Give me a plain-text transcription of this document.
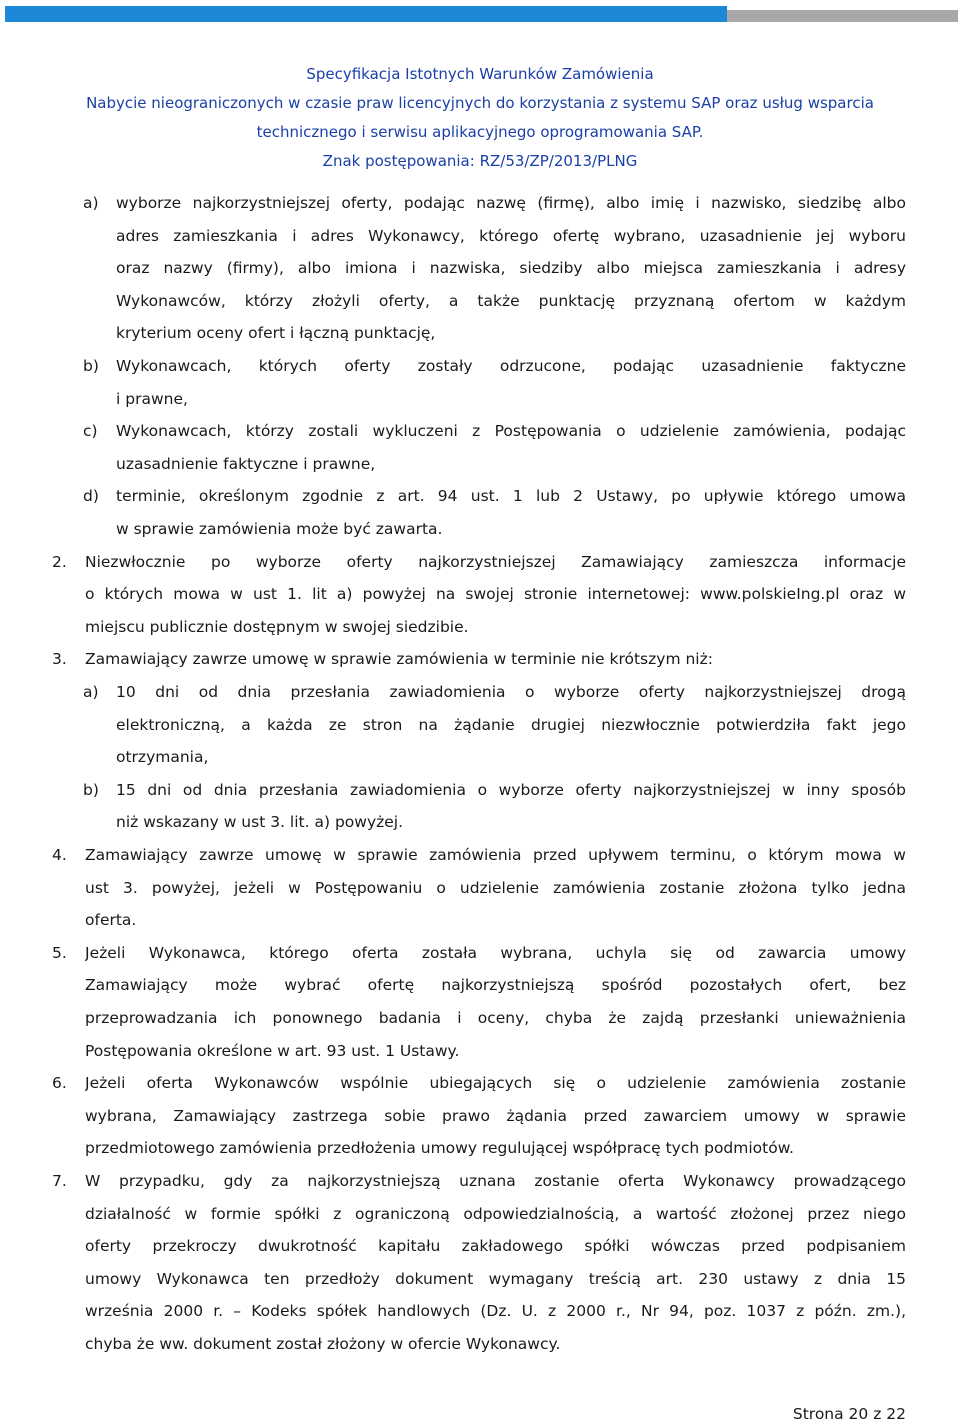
Specyfikacja Istotnych Warunków Zamówienia
Nabycie nieograniczonych w czasie praw licencyjnych do korzystania z systemu SAP oraz usług wsparcia
technicznego i serwisu aplikacyjnego oprogramowania SAP.
Znak postępowania: RZ/53/ZP/2013/PLNG
a) wyborze najkorzystniejszej oferty, podając nazwę (firmę), albo imię i nazwisko, siedzibę albo
adres zamieszkania i adres Wykonawcy, którego ofertę wybrano, uzasadnienie jej wyboru
oraz nazwy (firmy), albo imiona i nazwiska, siedziby albo miejsca zamieszkania i adresy
Wykonawców, którzy złożyli oferty, a także punktację przyznaną ofertom w każdym
kryterium oceny ofert i łączną punktację,
b) Wykonawcach, których oferty zostały odrzucone, podając uzasadnienie faktyczne
i prawne,
c) Wykonawcach, którzy zostali wykluczeni z Postępowania o udzielenie zamówienia, podając
uzasadnienie faktyczne i prawne,
d) terminie, określonym zgodnie z art. 94 ust. 1 lub 2 Ustawy, po upływie którego umowa
w sprawie zamówienia może być zawarta.
2. Niezwłocznie po wyborze oferty najkorzystniejszej Zamawiający zamieszcza informacje
o których mowa w ust 1. lit a) powyżej na swojej stronie internetowej: www.polskieIng.pl oraz w
miejscu publicznie dostępnym w swojej siedzibie.
3. Zamawiający zawrze umowę w sprawie zamówienia w terminie nie krótszym niż:
a) 10 dni od dnia przesłania zawiadomienia o wyborze oferty najkorzystniejszej drogą
elektroniczną, a każda ze stron na żądanie drugiej niezwłocznie potwierdziła fakt jego
otrzymania,
b) 15 dni od dnia przesłania zawiadomienia o wyborze oferty najkorzystniejszej w inny sposób
niż wskazany w ust 3. lit. a) powyżej.
4. Zamawiający zawrze umowę w sprawie zamówienia przed upływem terminu, o którym mowa w
ust 3. powyżej, jeżeli w Postępowaniu o udzielenie zamówienia zostanie złożona tylko jedna
oferta.
5. Jeżeli Wykonawca, którego oferta została wybrana, uchyla się od zawarcia umowy
Zamawiający może wybrać ofertę najkorzystniejszą spośród pozostałych ofert, bez
przeprowadzania ich ponownego badania i oceny, chyba że zajdą przesłanki unieważnienia
Postępowania określone w art. 93 ust. 1 Ustawy.
6. Jeżeli oferta Wykonawców wspólnie ubiegających się o udzielenie zamówienia zostanie
wybrana, Zamawiający zastrzega sobie prawo żądania przed zawarciem umowy w sprawie
przedmiotowego zamówienia przedłożenia umowy regulującej współpracę tych podmiotów.
7. W przypadku, gdy za najkorzystniejszą uznana zostanie oferta Wykonawcy prowadzącego
działalność w formie spółki z ograniczoną odpowiedzialnością, a wartość złożonej przez niego
oferty przekroczy dwukrotność kapitału zakładowego spółki wówczas przed podpisaniem
umowy Wykonawca ten przedłoży dokument wymagany treścią art. 230 ustawy z dnia 15
września 2000 r. – Kodeks spółek handlowych (Dz. U. z 2000 r., Nr 94, poz. 1037 z późn. zm.),
chyba że ww. dokument został złożony w ofercie Wykonawcy.
Strona 20 z 22
